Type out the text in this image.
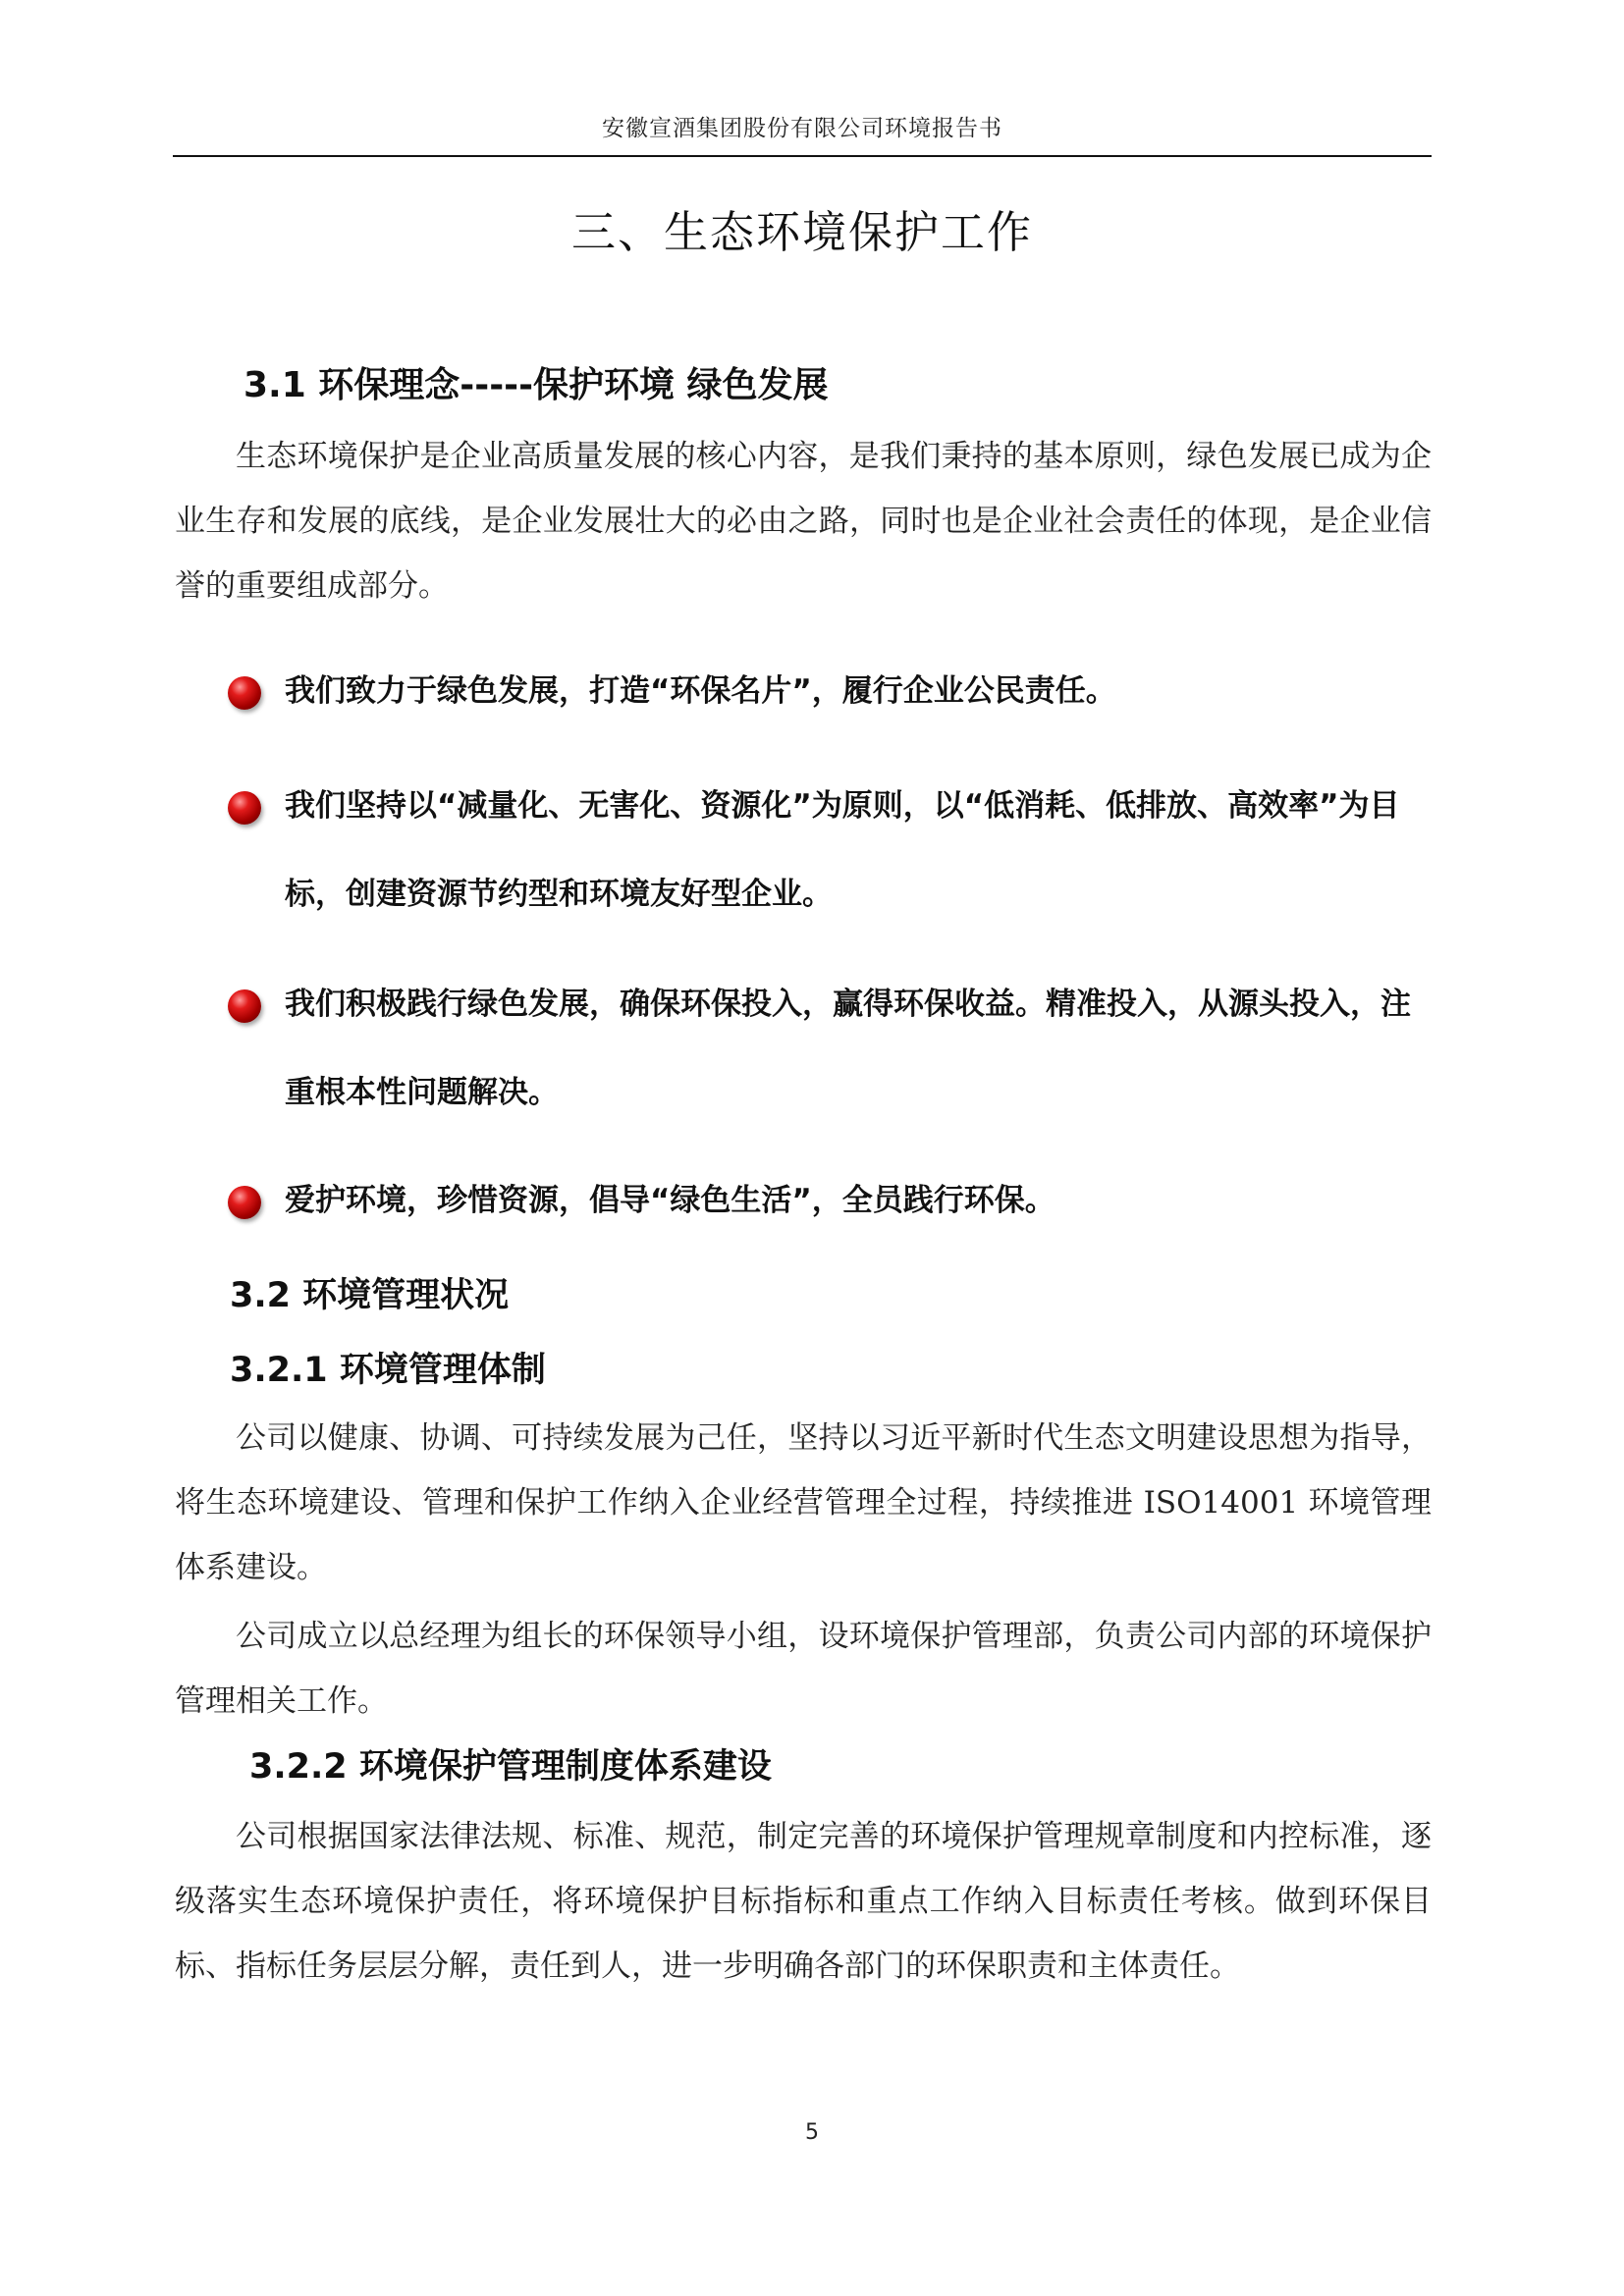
安徽宣酒集团股份有限公司环境报告书
三、生态环境保护工作
3.1 环保理念-----保护环境 绿色发展

生态环境保护是企业高质量发展的核心内容，是我们秉持的基本原则，绿色发展已成为企业生存和发展的底线，是企业发展壮大的必由之路，同时也是企业社会责任的体现，是企业信誉的重要组成部分。

我们致力于绿色发展，打造“环保名片”，履行企业公民责任。
我们坚持以“减量化、无害化、资源化”为原则，以“低消耗、低排放、高效率”为目标，创建资源节约型和环境友好型企业。
我们积极践行绿色发展，确保环保投入，赢得环保收益。精准投入，从源头投入，注重根本性问题解决。
爱护环境，珍惜资源，倡导“绿色生活”，全员践行环保。
3.2 环境管理状况
3.2.1 环境管理体制

公司以健康、协调、可持续发展为己任，坚持以习近平新时代生态文明建设思想为指导，将生态环境建设、管理和保护工作纳入企业经营管理全过程，持续推进 ISO14001 环境管理体系建设。

公司成立以总经理为组长的环保领导小组，设环境保护管理部，负责公司内部的环境保护管理相关工作。

3.2.2 环境保护管理制度体系建设

公司根据国家法律法规、标准、规范，制定完善的环境保护管理规章制度和内控标准，逐级落实生态环境保护责任，将环境保护目标指标和重点工作纳入目标责任考核。做到环保目标、指标任务层层分解，责任到人，进一步明确各部门的环保职责和主体责任。

5
